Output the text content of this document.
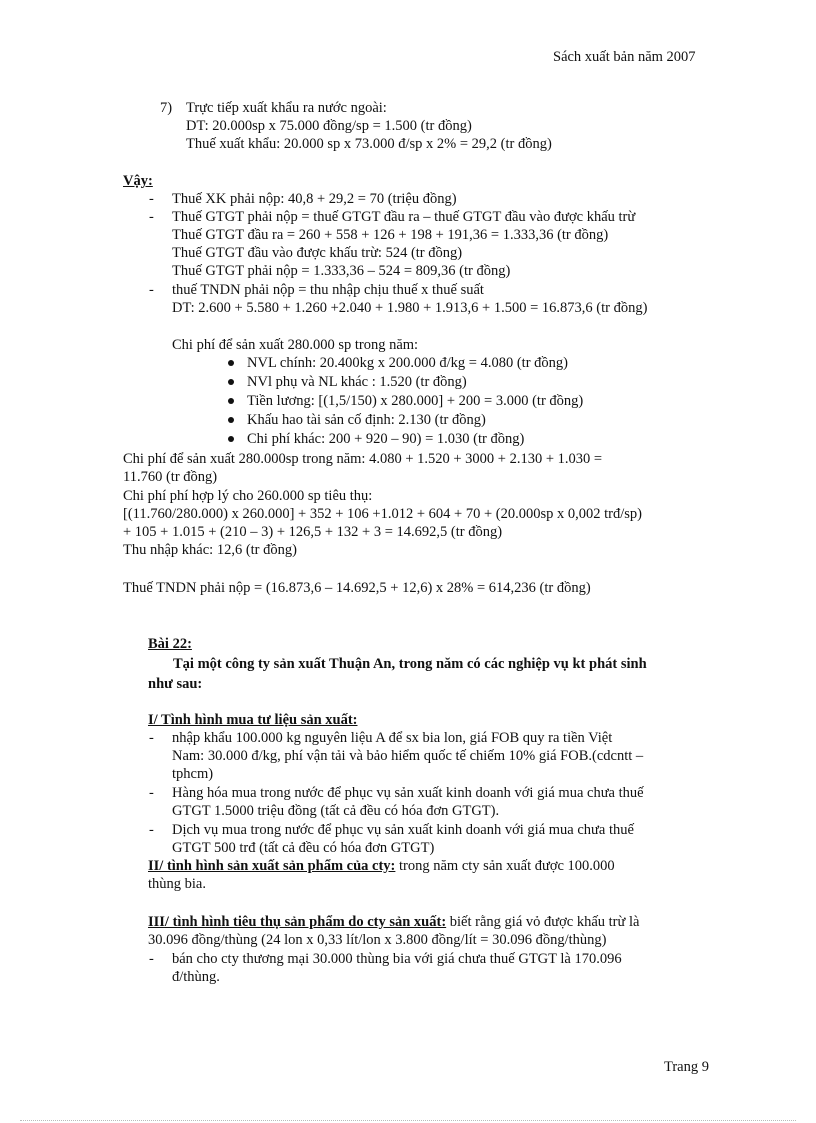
Sách xuất bản năm 2007
7) Trực tiếp xuất khẩu ra nước ngoài:
DT: 20.000sp x 75.000 đồng/sp = 1.500 (tr đồng)
Thuế xuất khẩu: 20.000 sp x 73.000 đ/sp x 2% = 29,2 (tr đồng)
Vậy:
- Thuế XK phải nộp: 40,8 + 29,2 = 70 (triệu đồng)
- Thuế GTGT phải nộp = thuế GTGT đầu ra – thuế GTGT đầu vào được khấu trừ
Thuế GTGT đầu ra = 260 + 558 + 126 + 198 + 191,36 = 1.333,36 (tr đồng)
Thuế GTGT đầu vào được khấu trừ: 524 (tr đồng)
Thuế GTGT phải nộp = 1.333,36 – 524 = 809,36 (tr đồng)
- thuế TNDN phải nộp = thu nhập chịu thuế x thuế suất
DT: 2.600 + 5.580 + 1.260 +2.040 + 1.980 + 1.913,6 + 1.500 = 16.873,6 (tr đồng)
Chi phí để sản xuất 280.000 sp trong năm:
NVL chính: 20.400kg x 200.000 đ/kg = 4.080 (tr đồng)
NVl phụ và NL khác : 1.520 (tr đồng)
Tiền lương: [(1,5/150) x 280.000] + 200 = 3.000 (tr đồng)
Khấu hao tài sản cố định: 2.130 (tr đồng)
Chi phí khác: 200 + 920 – 90) = 1.030 (tr đồng)
Chi phí để sản xuất 280.000sp trong năm: 4.080 + 1.520 + 3000 + 2.130 + 1.030 =
11.760 (tr đồng)
Chi phí phí hợp lý cho 260.000 sp tiêu thụ:
[(11.760/280.000) x 260.000] + 352 + 106 +1.012 + 604 + 70 + (20.000sp x 0,002 trđ/sp)
+ 105 + 1.015 + (210 – 3) + 126,5 + 132 + 3 = 14.692,5 (tr đồng)
Thu nhập khác: 12,6 (tr đồng)
Thuế TNDN phải nộp = (16.873,6 – 14.692,5 + 12,6) x 28% = 614,236 (tr đồng)
Bài 22:
Tại một công ty sản xuất Thuận An, trong năm có các nghiệp vụ kt phát sinh
như sau:
I/ Tình hình mua tư liệu sản xuất:
- nhập khẩu 100.000 kg nguyên liệu A để sx bia lon, giá FOB quy ra tiền Việt
Nam: 30.000 đ/kg, phí vận tải và bảo hiểm quốc tế chiếm 10% giá FOB.(cdcntt –
tphcm)
- Hàng hóa mua trong nước để phục vụ sản xuất kinh doanh với giá mua chưa thuế
GTGT 1.5000 triệu đồng (tất cả đều có hóa đơn GTGT).
- Dịch vụ mua trong nước để phục vụ sản xuất kinh doanh với giá mua chưa thuế
GTGT 500 trđ (tất cả đều có hóa đơn GTGT)
II/ tình hình sản xuất sản phẩm của cty: trong năm cty sản xuất được 100.000
thùng bia.
III/ tình hình tiêu thụ sản phẩm do cty sản xuất: biết rằng giá vỏ được khấu trừ là
30.096 đồng/thùng (24 lon x 0,33 lít/lon x 3.800 đồng/lít = 30.096 đồng/thùng)
- bán cho cty thương mại 30.000 thùng bia với giá chưa thuế GTGT là 170.096
đ/thùng.
Trang 9
